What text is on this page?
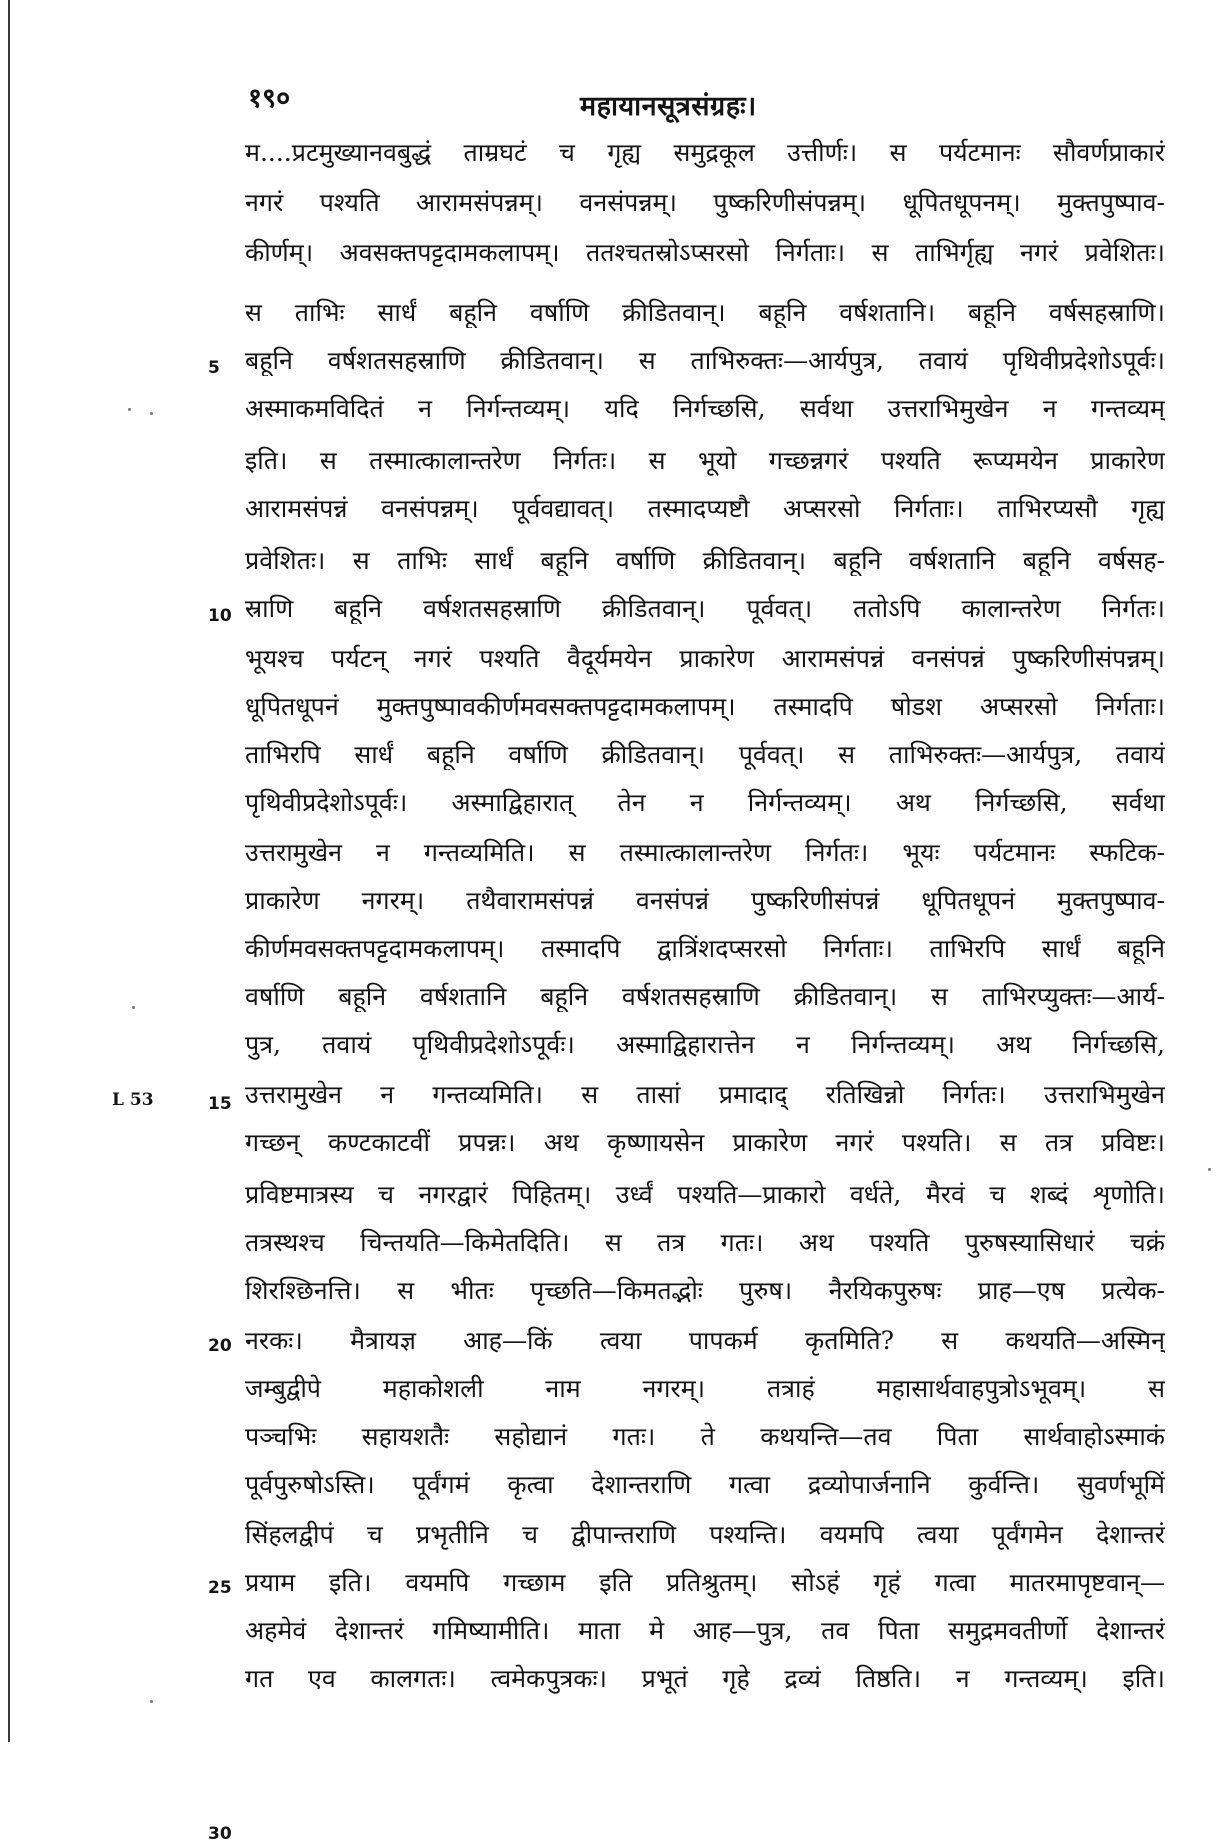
१९०	महायानसूत्रसंग्रहः।
L 53
5
10
15
20
25
30
म....प्रटमुख्यानवबुद्धं ताम्रघटं च गृह्य समुद्रकूल उत्तीर्णः। स पर्यटमानः सौवर्णप्राकारं
नगरं पश्यति आरामसंपन्नम्। वनसंपन्नम्। पुष्करिणीसंपन्नम्। धूपितधूपनम्। मुक्तपुष्पाव-
कीर्णम्। अवसक्तपट्टदामकलापम्। ततश्चतस्रोऽप्सरसो निर्गताः। स ताभिर्गृह्य नगरं प्रवेशितः।
स ताभिः सार्धं बहूनि वर्षाणि क्रीडितवान्। बहूनि वर्षशतानि। बहूनि वर्षसहस्राणि।
बहूनि वर्षशतसहस्राणि क्रीडितवान्। स ताभिरुक्तः—आर्यपुत्र, तवायं पृथिवीप्रदेशोऽपूर्वः।
अस्माकमविदितं न निर्गन्तव्यम्। यदि निर्गच्छसि, सर्वथा उत्तराभिमुखेन न गन्तव्यम्
इति। स तस्मात्कालान्तरेण निर्गतः। स भूयो गच्छन्नगरं पश्यति रूप्यमयेन प्राकारेण
आरामसंपन्नं वनसंपन्नम्। पूर्ववद्यावत्। तस्मादप्यष्टौ अप्सरसो निर्गताः। ताभिरप्यसौ गृह्य
प्रवेशितः। स ताभिः सार्धं बहूनि वर्षाणि क्रीडितवान्। बहूनि वर्षशतानि बहूनि वर्षसह-
स्राणि बहूनि वर्षशतसहस्राणि क्रीडितवान्। पूर्ववत्। ततोऽपि कालान्तरेण निर्गतः।
भूयश्च पर्यटन् नगरं पश्यति वैदूर्यमयेन प्राकारेण आरामसंपन्नं वनसंपन्नं पुष्करिणीसंपन्नम्।
धूपितधूपनं मुक्तपुष्पावकीर्णमवसक्तपट्टदामकलापम्। तस्मादपि षोडश अप्सरसो निर्गताः।
ताभिरपि सार्धं बहूनि वर्षाणि क्रीडितवान्। पूर्ववत्। स ताभिरुक्तः—आर्यपुत्र, तवायं
पृथिवीप्रदेशोऽपूर्वः। अस्माद्विहारात् तेन न निर्गन्तव्यम्। अथ निर्गच्छसि, सर्वथा
उत्तरामुखेन न गन्तव्यमिति। स तस्मात्कालान्तरेण निर्गतः। भूयः पर्यटमानः स्फटिक-
प्राकारेण नगरम्। तथैवारामसंपन्नं वनसंपन्नं पुष्करिणीसंपन्नं धूपितधूपनं मुक्तपुष्पाव-
कीर्णमवसक्तपट्टदामकलापम्। तस्मादपि द्वात्रिंशदप्सरसो निर्गताः। ताभिरपि सार्धं बहूनि
वर्षाणि बहूनि वर्षशतानि बहूनि वर्षशतसहस्राणि क्रीडितवान्। स ताभिरप्युक्तः—आर्य-
पुत्र, तवायं पृथिवीप्रदेशोऽपूर्वः। अस्माद्विहारात्तेन न निर्गन्तव्यम्। अथ निर्गच्छसि,
उत्तरामुखेन न गन्तव्यमिति। स तासां प्रमादाद् रतिखिन्नो निर्गतः। उत्तराभिमुखेन
गच्छन् कण्टकाटवीं प्रपन्नः। अथ कृष्णायसेन प्राकारेण नगरं पश्यति। स तत्र प्रविष्टः।
प्रविष्टमात्रस्य च नगरद्वारं पिहितम्। उर्ध्वं पश्यति—प्राकारो वर्धते, मैरवं च शब्दं शृणोति।
तत्रस्थश्च चिन्तयति—किमेतदिति। स तत्र गतः। अथ पश्यति पुरुषस्यासिधारं चक्रं
शिरश्छिनत्ति। स भीतः पृच्छति—किमतद्भोः पुरुष। नैरयिकपुरुषः प्राह—एष प्रत्येक-
नरकः। मैत्रायज्ञ आह—किं त्वया पापकर्म कृतमिति? स कथयति—अस्मिन्
जम्बुद्वीपे महाकोशली नाम नगरम्। तत्राहं महासार्थवाहपुत्रोऽभूवम्। स
पञ्चभिः सहायशतैः सहोद्यानं गतः। ते कथयन्ति—तव पिता सार्थवाहोऽस्माकं
पूर्वपुरुषोऽस्ति। पूर्वंगमं कृत्वा देशान्तराणि गत्वा द्रव्योपार्जनानि कुर्वन्ति। सुवर्णभूमिं
सिंहलद्वीपं च प्रभृतीनि च द्वीपान्तराणि पश्यन्ति। वयमपि त्वया पूर्वंगमेन देशान्तरं
प्रयाम इति। वयमपि गच्छाम इति प्रतिश्रुतम्। सोऽहं गृहं गत्वा मातरमापृष्टवान्—
अहमेवं देशान्तरं गमिष्यामीति। माता मे आह—पुत्र, तव पिता समुद्रमवतीर्णो देशान्तरं
गत एव कालगतः। त्वमेकपुत्रकः। प्रभूतं गृहे द्रव्यं तिष्ठति। न गन्तव्यम्। इति।
